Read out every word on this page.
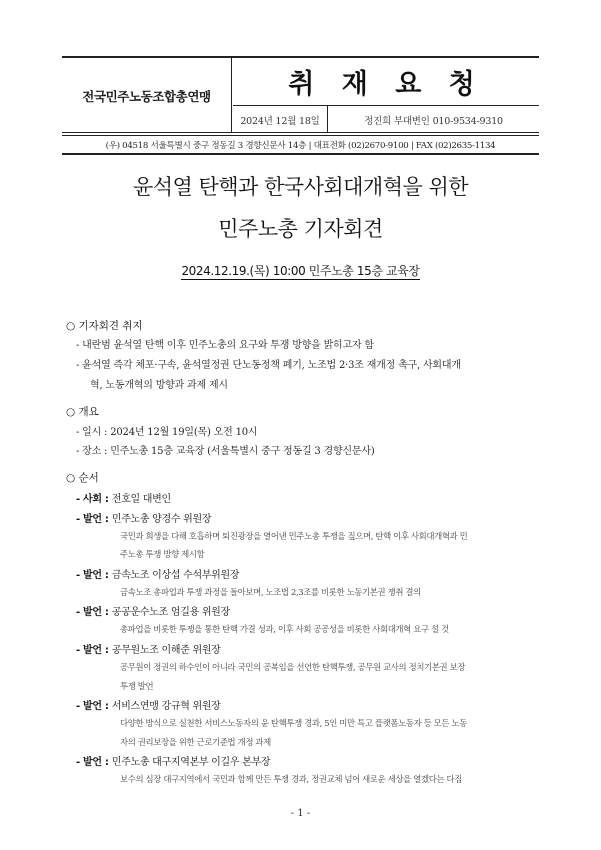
전국민주노동조합총연맹	취 재 요 청
2024년 12월 18일	정진희 부대변인 010-9534-9310
(우) 04518 서울특별시 중구 정동길 3 경향신문사 14층 | 대표전화 (02)2670-9100 | FAX (02)2635-1134
윤석열 탄핵과 한국사회대개혁을 위한
민주노총 기자회견
2024.12.19.(목) 10:00 민주노총 15층 교육장
○ 기자회견 취지
- 내란범 윤석열 탄핵 이후 민주노총의 요구와 투쟁 방향을 밝히고자 함
- 윤석열 즉각 체포·구속, 윤석열정권 단노동정책 폐기, 노조법 2·3조 재개정 촉구, 사회대개
혁, 노동개혁의 방향과 과제 제시
○ 개요
- 일시 : 2024년 12월 19일(목) 오전 10시
- 장소 : 민주노총 15층 교육장 (서울특별시 중구 정동길 3 경향신문사)
○ 순서
- 사회 : 전호일 대변인
- 발언 : 민주노총 양경수 위원장
국민과 희생을 다해 호흡하며 퇴진광장을 열어낸 민주노총 투쟁을 짚으며, 탄핵 이후 사회대개혁과 민
주노총 투쟁 방향 제시함
- 발언 : 금속노조 이상섭 수석부위원장
금속노조 총파업과 투쟁 과정을 돌아보며, 노조법 2,3조를 비롯한 노동기본권 쟁취 결의
- 발언 : 공공운수노조 엄길용 위원장
총파업을 비롯한 투쟁을 통한 탄핵 가결 성과, 이후 사회 공공성을 비롯한 사회대개혁 요구 설 것
- 발언 : 공무원노조 이해준 위원장
공무원이 정권의 하수인이 아니라 국민의 공복임을 선언한 탄핵투쟁, 공무원 교사의 정치기본권 보장
투쟁 발언
- 발언 : 서비스연맹 강규혁 위원장
다양한 방식으로 실천한 서비스노동자의 윤 탄핵투쟁 경과, 5인 미만 특고 플랫폼노동자 등 모든 노동
자의 권리보장을 위한 근로기준법 개정 과제
- 발언 : 민주노총 대구지역본부 이길우 본부장
보수의 심장 대구지역에서 국민과 함께 만든 투쟁 경과, 정권교체 넘어 새로운 세상을 열겠다는 다짐
- 1 -
